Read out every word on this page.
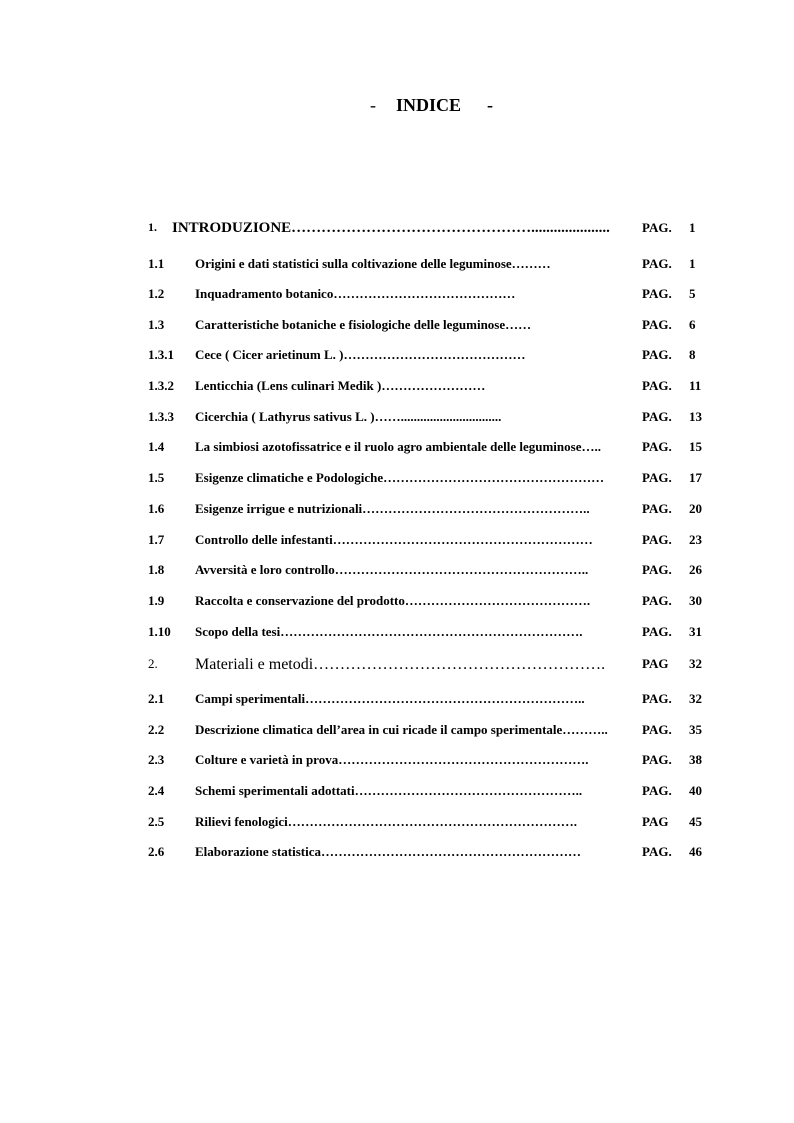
- INDICE -
1. INTRODUZIONE…………………………………………..................... PAG. 1
1.1 Origini e dati statistici sulla coltivazione delle leguminose………	PAG. 1
1.2 Inquadramento botanico……………………………………	PAG. 5
1.3 Caratteristiche botaniche e fisiologiche delle leguminose……	PAG. 6
1.3.1 Cece ( Cicer arietinum L. )……………………………………	PAG. 8
1.3.2 Lenticchia (Lens culinari Medik )……………………	PAG. 11
1.3.3 Cicerchia ( Lathyrus sativus L. )……...............................	PAG. 13
1.4 La simbiosi azotofissatrice e il ruolo agro ambientale delle leguminose…..	PAG. 15
1.5 Esigenze climatiche e Podologiche……………………………………………	PAG. 17
1.6 Esigenze irrigue e nutrizionali……………………………………………..	PAG. 20
1.7 Controllo delle infestanti……………………………………………………	PAG. 23
1.8 Avversità e loro controllo…………………………………………………..	PAG. 26
1.9 Raccolta e conservazione del prodotto…………………………………….	PAG. 30
1.10 Scopo della tesi…………………………………………………………….	PAG. 31
2. Materiali e metodi……………………………………………….	PAG 32
2.1 Campi sperimentali………………………………………………………..	PAG. 32
2.2 Descrizione climatica dell’area in cui ricade il campo sperimentale………..	PAG. 35
2.3 Colture e varietà in prova………………………………………………….	PAG. 38
2.4 Schemi sperimentali adottati……………………………………………..	PAG. 40
2.5 Rilievi fenologici………………………………………………………….	PAG 45
2.6 Elaborazione statistica……………………………………………………	PAG. 46
